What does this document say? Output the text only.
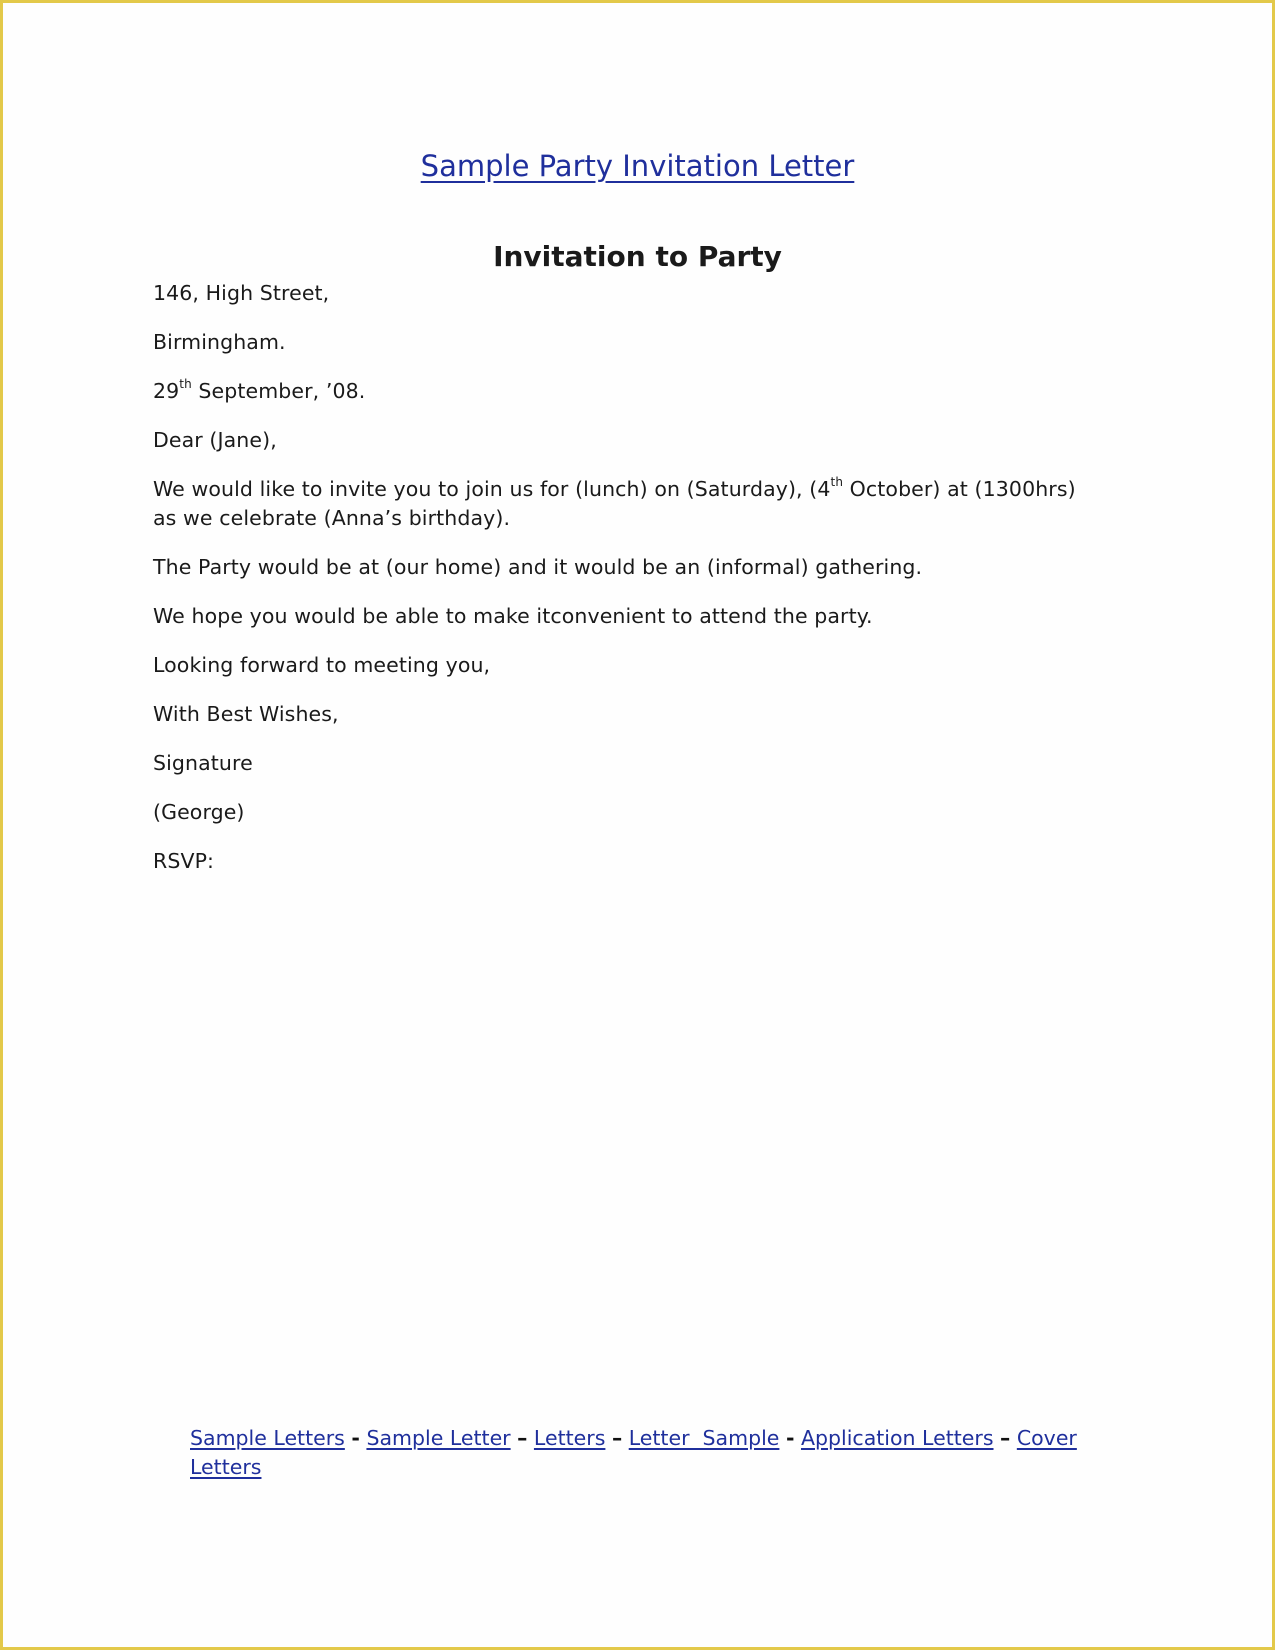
Sample Party Invitation Letter
Invitation to Party
146, High Street,
Birmingham.
29th September, ’08.
Dear (Jane),
We would like to invite you to join us for (lunch) on (Saturday), (4th October) at (1300hrs)
as we celebrate (Anna’s birthday).
The Party would be at (our home) and it would be an (informal) gathering.
We hope you would be able to make itconvenient to attend the party.
Looking forward to meeting you,
With Best Wishes,
Signature
(George)
RSVP:
Sample Letters - Sample Letter – Letters – Letter  Sample - Application Letters – Cover Letters
